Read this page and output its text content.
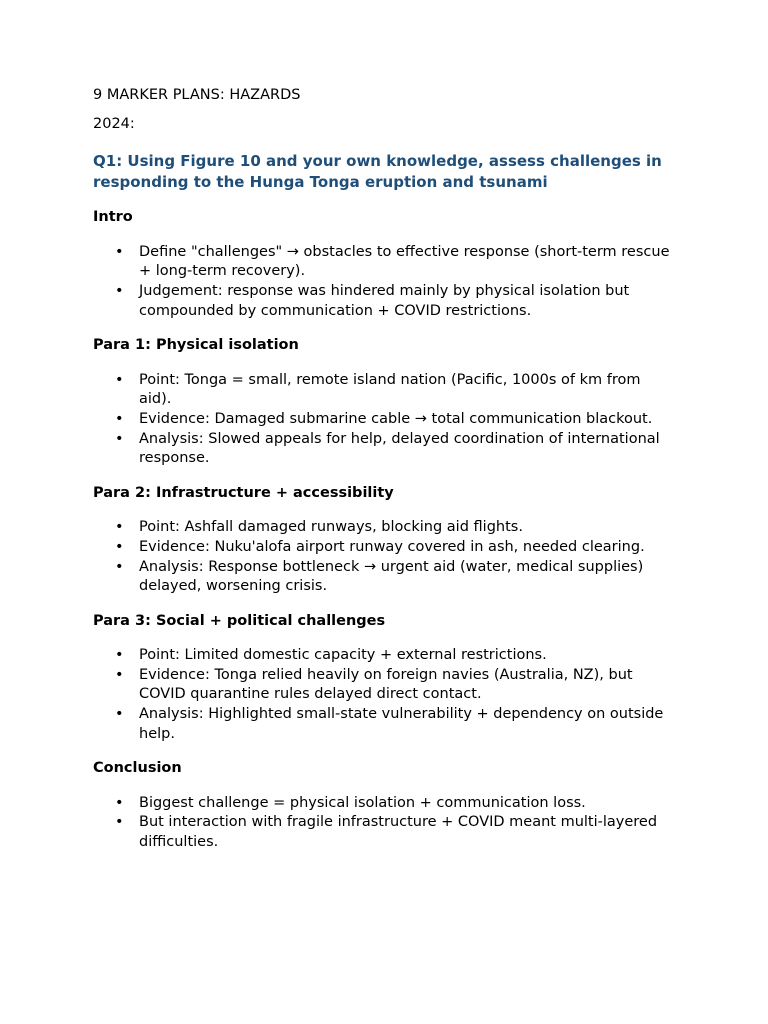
9 MARKER PLANS: HAZARDS

2024:

Q1: Using Figure 10 and your own knowledge, assess challenges in responding to the Hunga Tonga eruption and tsunami

Intro

• Define "challenges" → obstacles to effective response (short-term rescue + long-term recovery).
• Judgement: response was hindered mainly by physical isolation but compounded by communication + COVID restrictions.

Para 1: Physical isolation

• Point: Tonga = small, remote island nation (Pacific, 1000s of km from aid).
• Evidence: Damaged submarine cable → total communication blackout.
• Analysis: Slowed appeals for help, delayed coordination of international response.

Para 2: Infrastructure + accessibility

• Point: Ashfall damaged runways, blocking aid flights.
• Evidence: Nuku'alofa airport runway covered in ash, needed clearing.
• Analysis: Response bottleneck → urgent aid (water, medical supplies) delayed, worsening crisis.

Para 3: Social + political challenges

• Point: Limited domestic capacity + external restrictions.
• Evidence: Tonga relied heavily on foreign navies (Australia, NZ), but COVID quarantine rules delayed direct contact.
• Analysis: Highlighted small-state vulnerability + dependency on outside help.

Conclusion

• Biggest challenge = physical isolation + communication loss.
• But interaction with fragile infrastructure + COVID meant multi-layered difficulties.
